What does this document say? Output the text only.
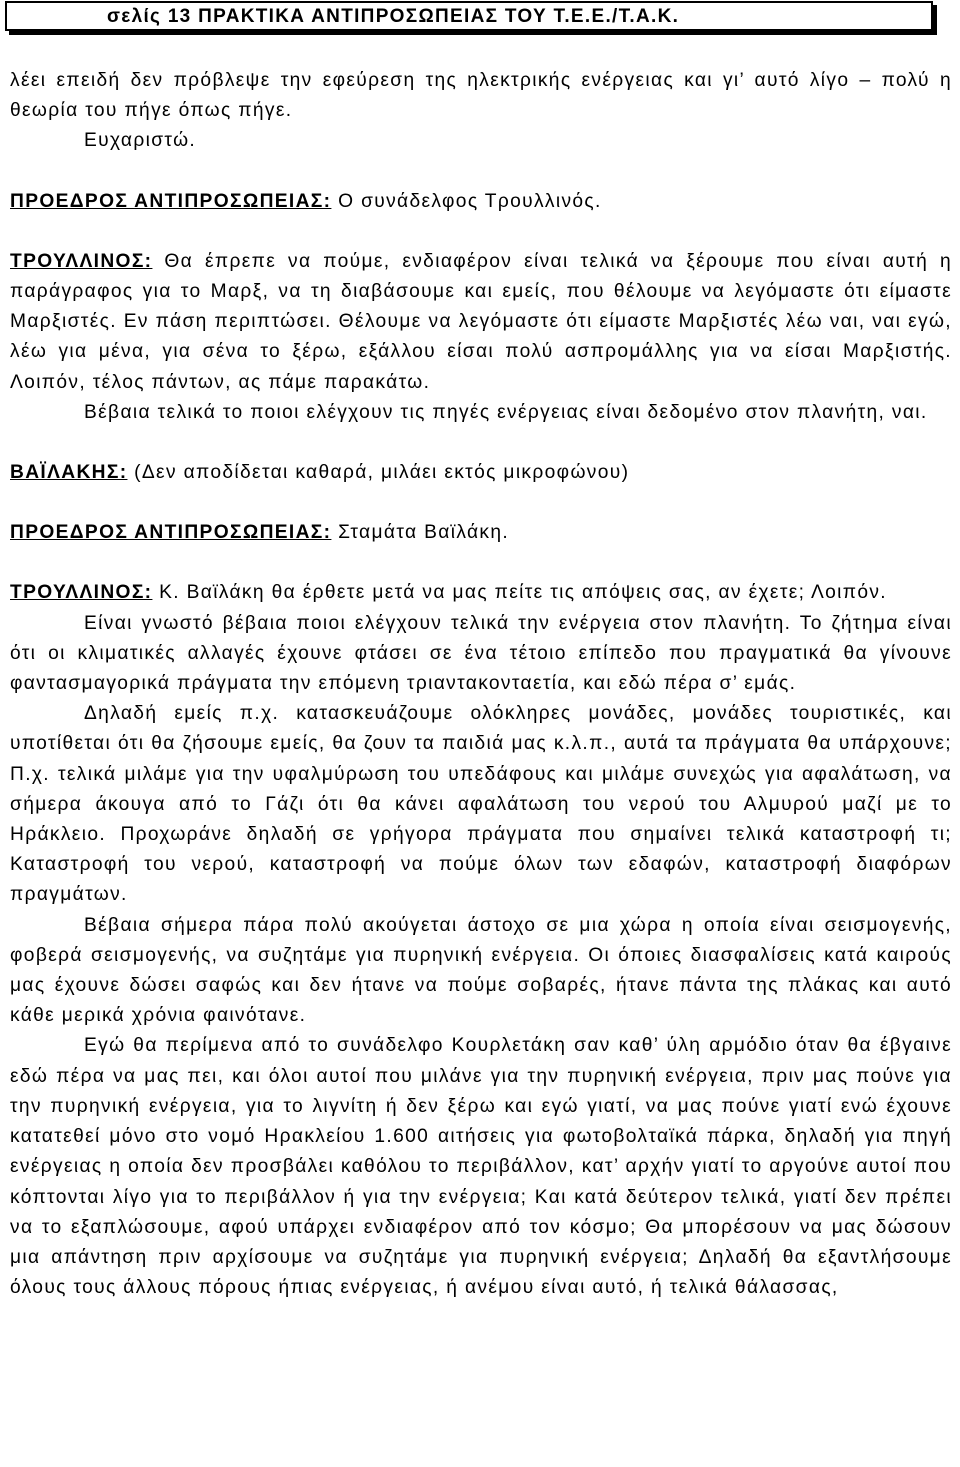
σελίς 13 ΠΡΑΚΤΙΚΑ ΑΝΤΙΠΡΟΣΩΠΕΙΑΣ ΤΟΥ Τ.Ε.Ε./Τ.Α.Κ.

λέει επειδή δεν πρόβλεψε την εφεύρεση της ηλεκτρικής ενέργειας και γι’ αυτό λίγο – πολύ η θεωρία του πήγε όπως πήγε.

Ευχαριστώ.

ΠΡΟΕΔΡΟΣ ΑΝΤΙΠΡΟΣΩΠΕΙΑΣ: Ο συνάδελφος Τρουλλινός.

ΤΡΟΥΛΛΙΝΟΣ: Θα έπρεπε να πούμε, ενδιαφέρον είναι τελικά να ξέρουμε που είναι αυτή η παράγραφος για το Μαρξ, να τη διαβάσουμε και εμείς, που θέλουμε να λεγόμαστε ότι είμαστε Μαρξιστές. Εν πάση περιπτώσει. Θέλουμε να λεγόμαστε ότι είμαστε Μαρξιστές λέω ναι, ναι εγώ, λέω για μένα, για σένα το ξέρω, εξάλλου είσαι πολύ ασπρομάλλης για να είσαι Μαρξιστής. Λοιπόν, τέλος πάντων, ας πάμε παρακάτω.

Βέβαια τελικά το ποιοι ελέγχουν τις πηγές ενέργειας είναι δεδομένο στον πλανήτη, ναι.

ΒΑΪΛΑΚΗΣ: (Δεν αποδίδεται καθαρά, μιλάει εκτός μικροφώνου)

ΠΡΟΕΔΡΟΣ ΑΝΤΙΠΡΟΣΩΠΕΙΑΣ: Σταμάτα Βαϊλάκη.

ΤΡΟΥΛΛΙΝΟΣ: Κ. Βαϊλάκη θα έρθετε μετά να μας πείτε τις απόψεις σας, αν έχετε; Λοιπόν.

Είναι γνωστό βέβαια ποιοι ελέγχουν τελικά την ενέργεια στον πλανήτη. Το ζήτημα είναι ότι οι κλιματικές αλλαγές έχουνε φτάσει σε ένα τέτοιο επίπεδο που πραγματικά θα γίνουνε φαντασμαγορικά πράγματα την επόμενη τριαντακονταετία, και εδώ πέρα σ’ εμάς.

Δηλαδή εμείς π.χ. κατασκευάζουμε ολόκληρες μονάδες, μονάδες τουριστικές, και υποτίθεται ότι θα ζήσουμε εμείς, θα ζουν τα παιδιά μας κ.λ.π., αυτά τα πράγματα θα υπάρχουνε; Π.χ. τελικά μιλάμε για την υφαλμύρωση του υπεδάφους και μιλάμε συνεχώς για αφαλάτωση, να σήμερα άκουγα από το Γάζι ότι θα κάνει αφαλάτωση του νερού του Αλμυρού μαζί με το Ηράκλειο. Προχωράνε δηλαδή σε γρήγορα πράγματα που σημαίνει τελικά καταστροφή τι; Καταστροφή του νερού, καταστροφή να πούμε όλων των εδαφών, καταστροφή διαφόρων πραγμάτων.

Βέβαια σήμερα πάρα πολύ ακούγεται άστοχο σε μια χώρα η οποία είναι σεισμογενής, φοβερά σεισμογενής, να συζητάμε για πυρηνική ενέργεια. Οι όποιες διασφαλίσεις κατά καιρούς μας έχουνε δώσει σαφώς και δεν ήτανε να πούμε σοβαρές, ήτανε πάντα της πλάκας και αυτό κάθε μερικά χρόνια φαινότανε.

Εγώ θα περίμενα από το συνάδελφο Κουρλετάκη σαν καθ’ ύλη αρμόδιο όταν θα έβγαινε εδώ πέρα να μας πει, και όλοι αυτοί που μιλάνε για την πυρηνική ενέργεια, πριν μας πούνε για την πυρηνική ενέργεια, για το λιγνίτη ή δεν ξέρω και εγώ γιατί, να μας πούνε γιατί ενώ έχουνε κατατεθεί μόνο στο νομό Ηρακλείου 1.600 αιτήσεις για φωτοβολταϊκά πάρκα, δηλαδή για πηγή ενέργειας η οποία δεν προσβάλει καθόλου το περιβάλλον, κατ’ αρχήν γιατί το αργούνε αυτοί που κόπτονται λίγο για το περιβάλλον ή για την ενέργεια; Και κατά δεύτερον τελικά, γιατί δεν πρέπει να το εξαπλώσουμε, αφού υπάρχει ενδιαφέρον από τον κόσμο; Θα μπορέσουν να μας δώσουν μια απάντηση πριν αρχίσουμε να συζητάμε για πυρηνική ενέργεια; Δηλαδή θα εξαντλήσουμε όλους τους άλλους πόρους ήπιας ενέργειας, ή ανέμου είναι αυτό, ή τελικά θάλασσας,
